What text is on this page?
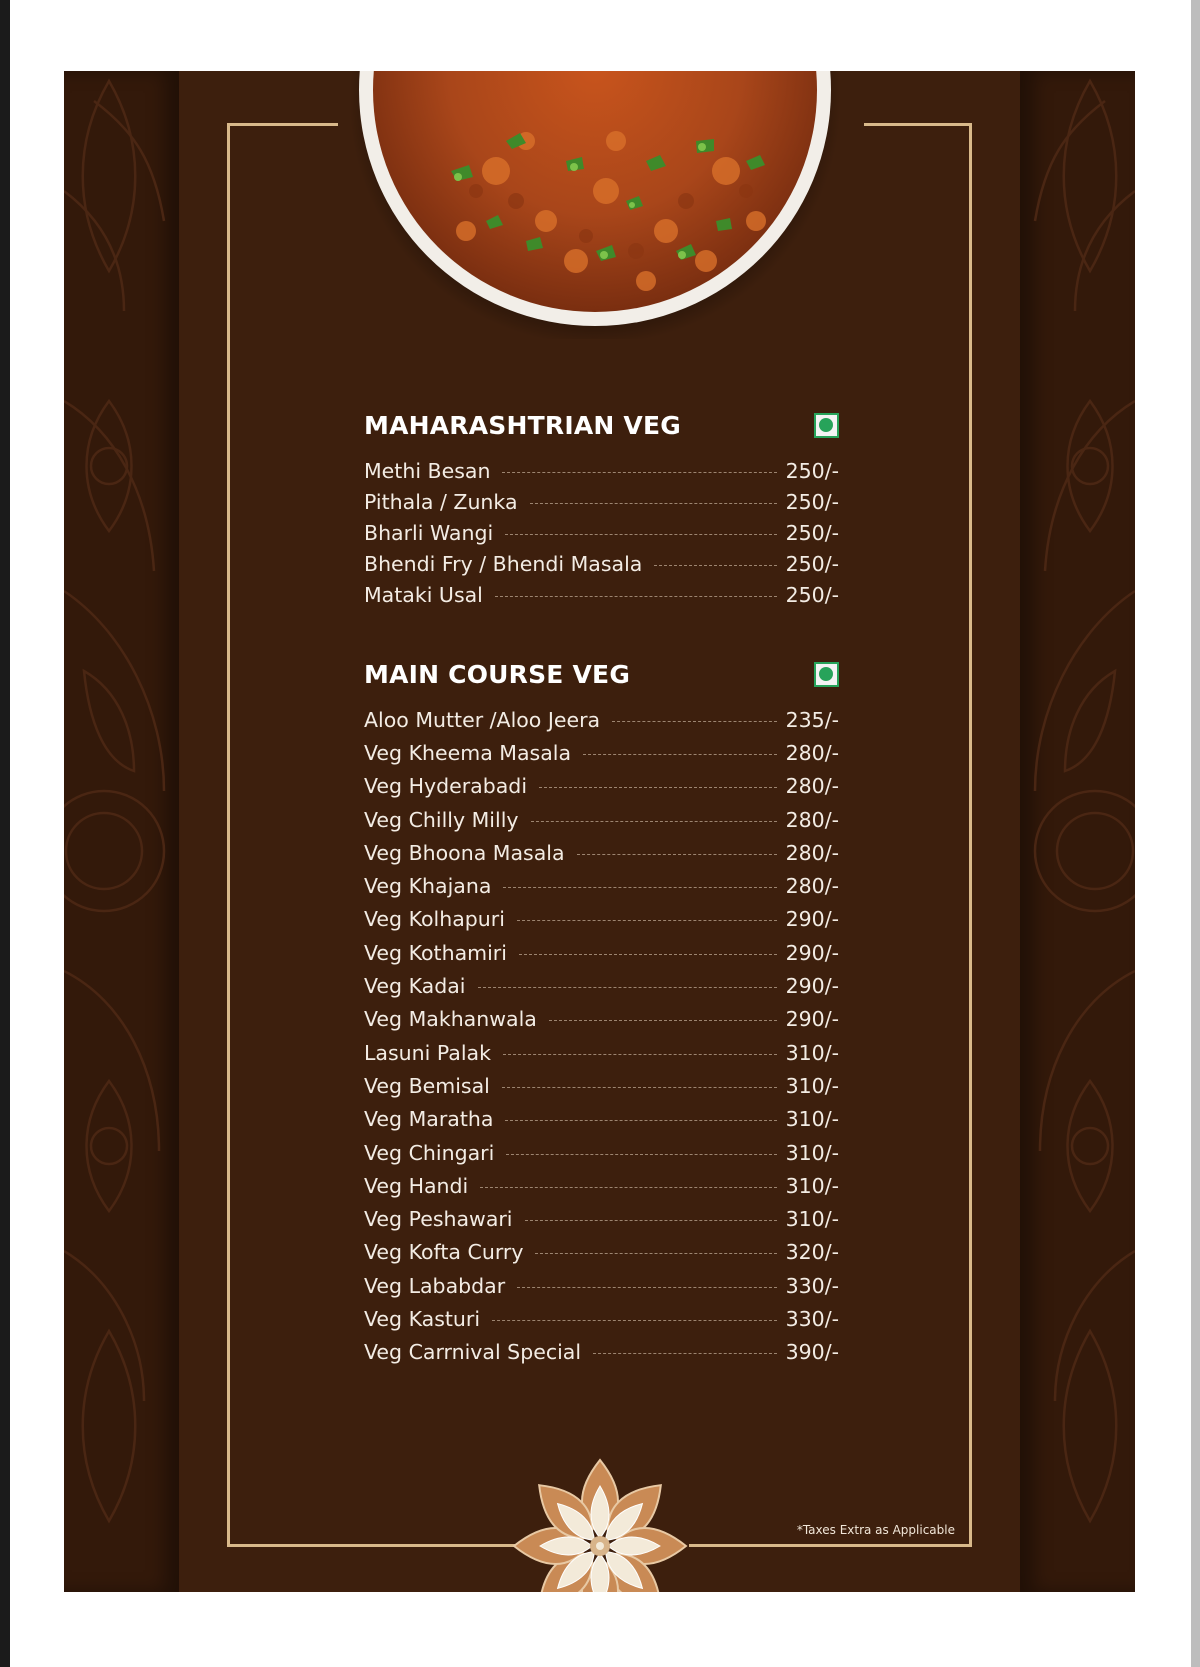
MAHARASHTRIAN VEG
Methi Besan	250/-
Pithala / Zunka	250/-
Bharli Wangi	250/-
Bhendi Fry / Bhendi Masala	250/-
Mataki Usal	250/-
MAIN COURSE VEG
Aloo Mutter /Aloo Jeera	235/-
Veg Kheema Masala	280/-
Veg Hyderabadi	280/-
Veg Chilly Milly	280/-
Veg Bhoona Masala	280/-
Veg Khajana	280/-
Veg Kolhapuri	290/-
Veg Kothamiri	290/-
Veg Kadai	290/-
Veg Makhanwala	290/-
Lasuni Palak	310/-
Veg Bemisal	310/-
Veg Maratha	310/-
Veg Chingari	310/-
Veg Handi	310/-
Veg Peshawari	310/-
Veg Kofta Curry	320/-
Veg Lababdar	330/-
Veg Kasturi	330/-
Veg Carrnival Special	390/-
*Taxes Extra as Applicable
